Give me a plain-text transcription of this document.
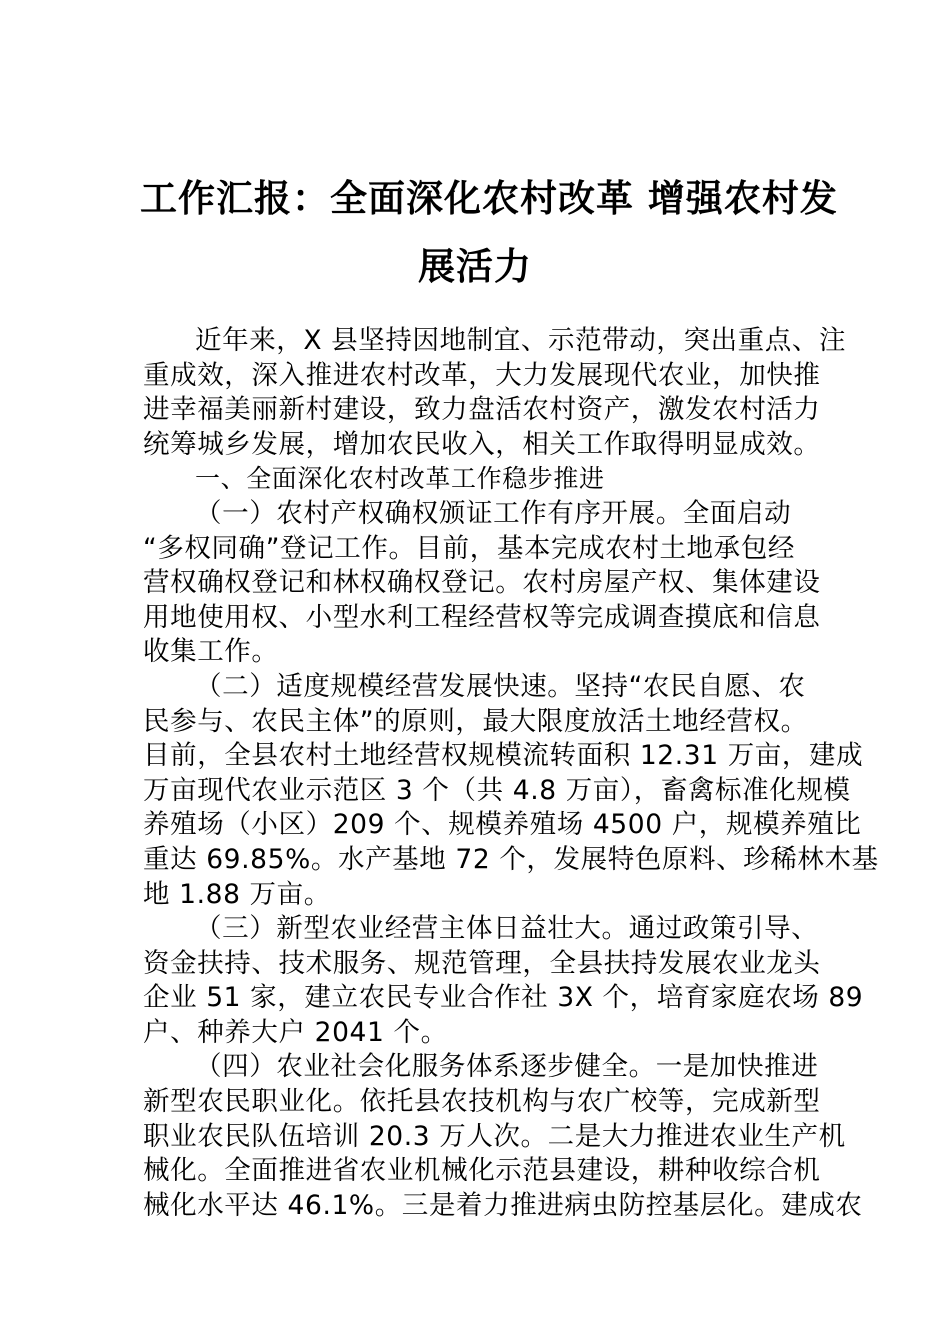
工作汇报：全面深化农村改革 增强农村发
展活力
近年来，X 县坚持因地制宜、示范带动，突出重点、注
重成效，深入推进农村改革，大力发展现代农业，加快推
进幸福美丽新村建设，致力盘活农村资产，激发农村活力
统筹城乡发展，增加农民收入，相关工作取得明显成效。
一、全面深化农村改革工作稳步推进
（一）农村产权确权颁证工作有序开展。全面启动
“多权同确”登记工作。目前，基本完成农村土地承包经
营权确权登记和林权确权登记。农村房屋产权、集体建设
用地使用权、小型水利工程经营权等完成调查摸底和信息
收集工作。
（二）适度规模经营发展快速。坚持“农民自愿、农
民参与、农民主体”的原则，最大限度放活土地经营权。
目前，全县农村土地经营权规模流转面积 12.31 万亩，建成
万亩现代农业示范区 3 个（共 4.8 万亩），畜禽标准化规模
养殖场（小区）209 个、规模养殖场 4500 户，规模养殖比
重达 69.85%。水产基地 72 个，发展特色原料、珍稀林木基
地 1.88 万亩。
（三）新型农业经营主体日益壮大。通过政策引导、
资金扶持、技术服务、规范管理，全县扶持发展农业龙头
企业 51 家，建立农民专业合作社 3X 个，培育家庭农场 89
户、种养大户 2041 个。
（四）农业社会化服务体系逐步健全。一是加快推进
新型农民职业化。依托县农技机构与农广校等，完成新型
职业农民队伍培训 20.3 万人次。二是大力推进农业生产机
械化。全面推进省农业机械化示范县建设，耕种收综合机
械化水平达 46.1%。三是着力推进病虫防控基层化。建成农
